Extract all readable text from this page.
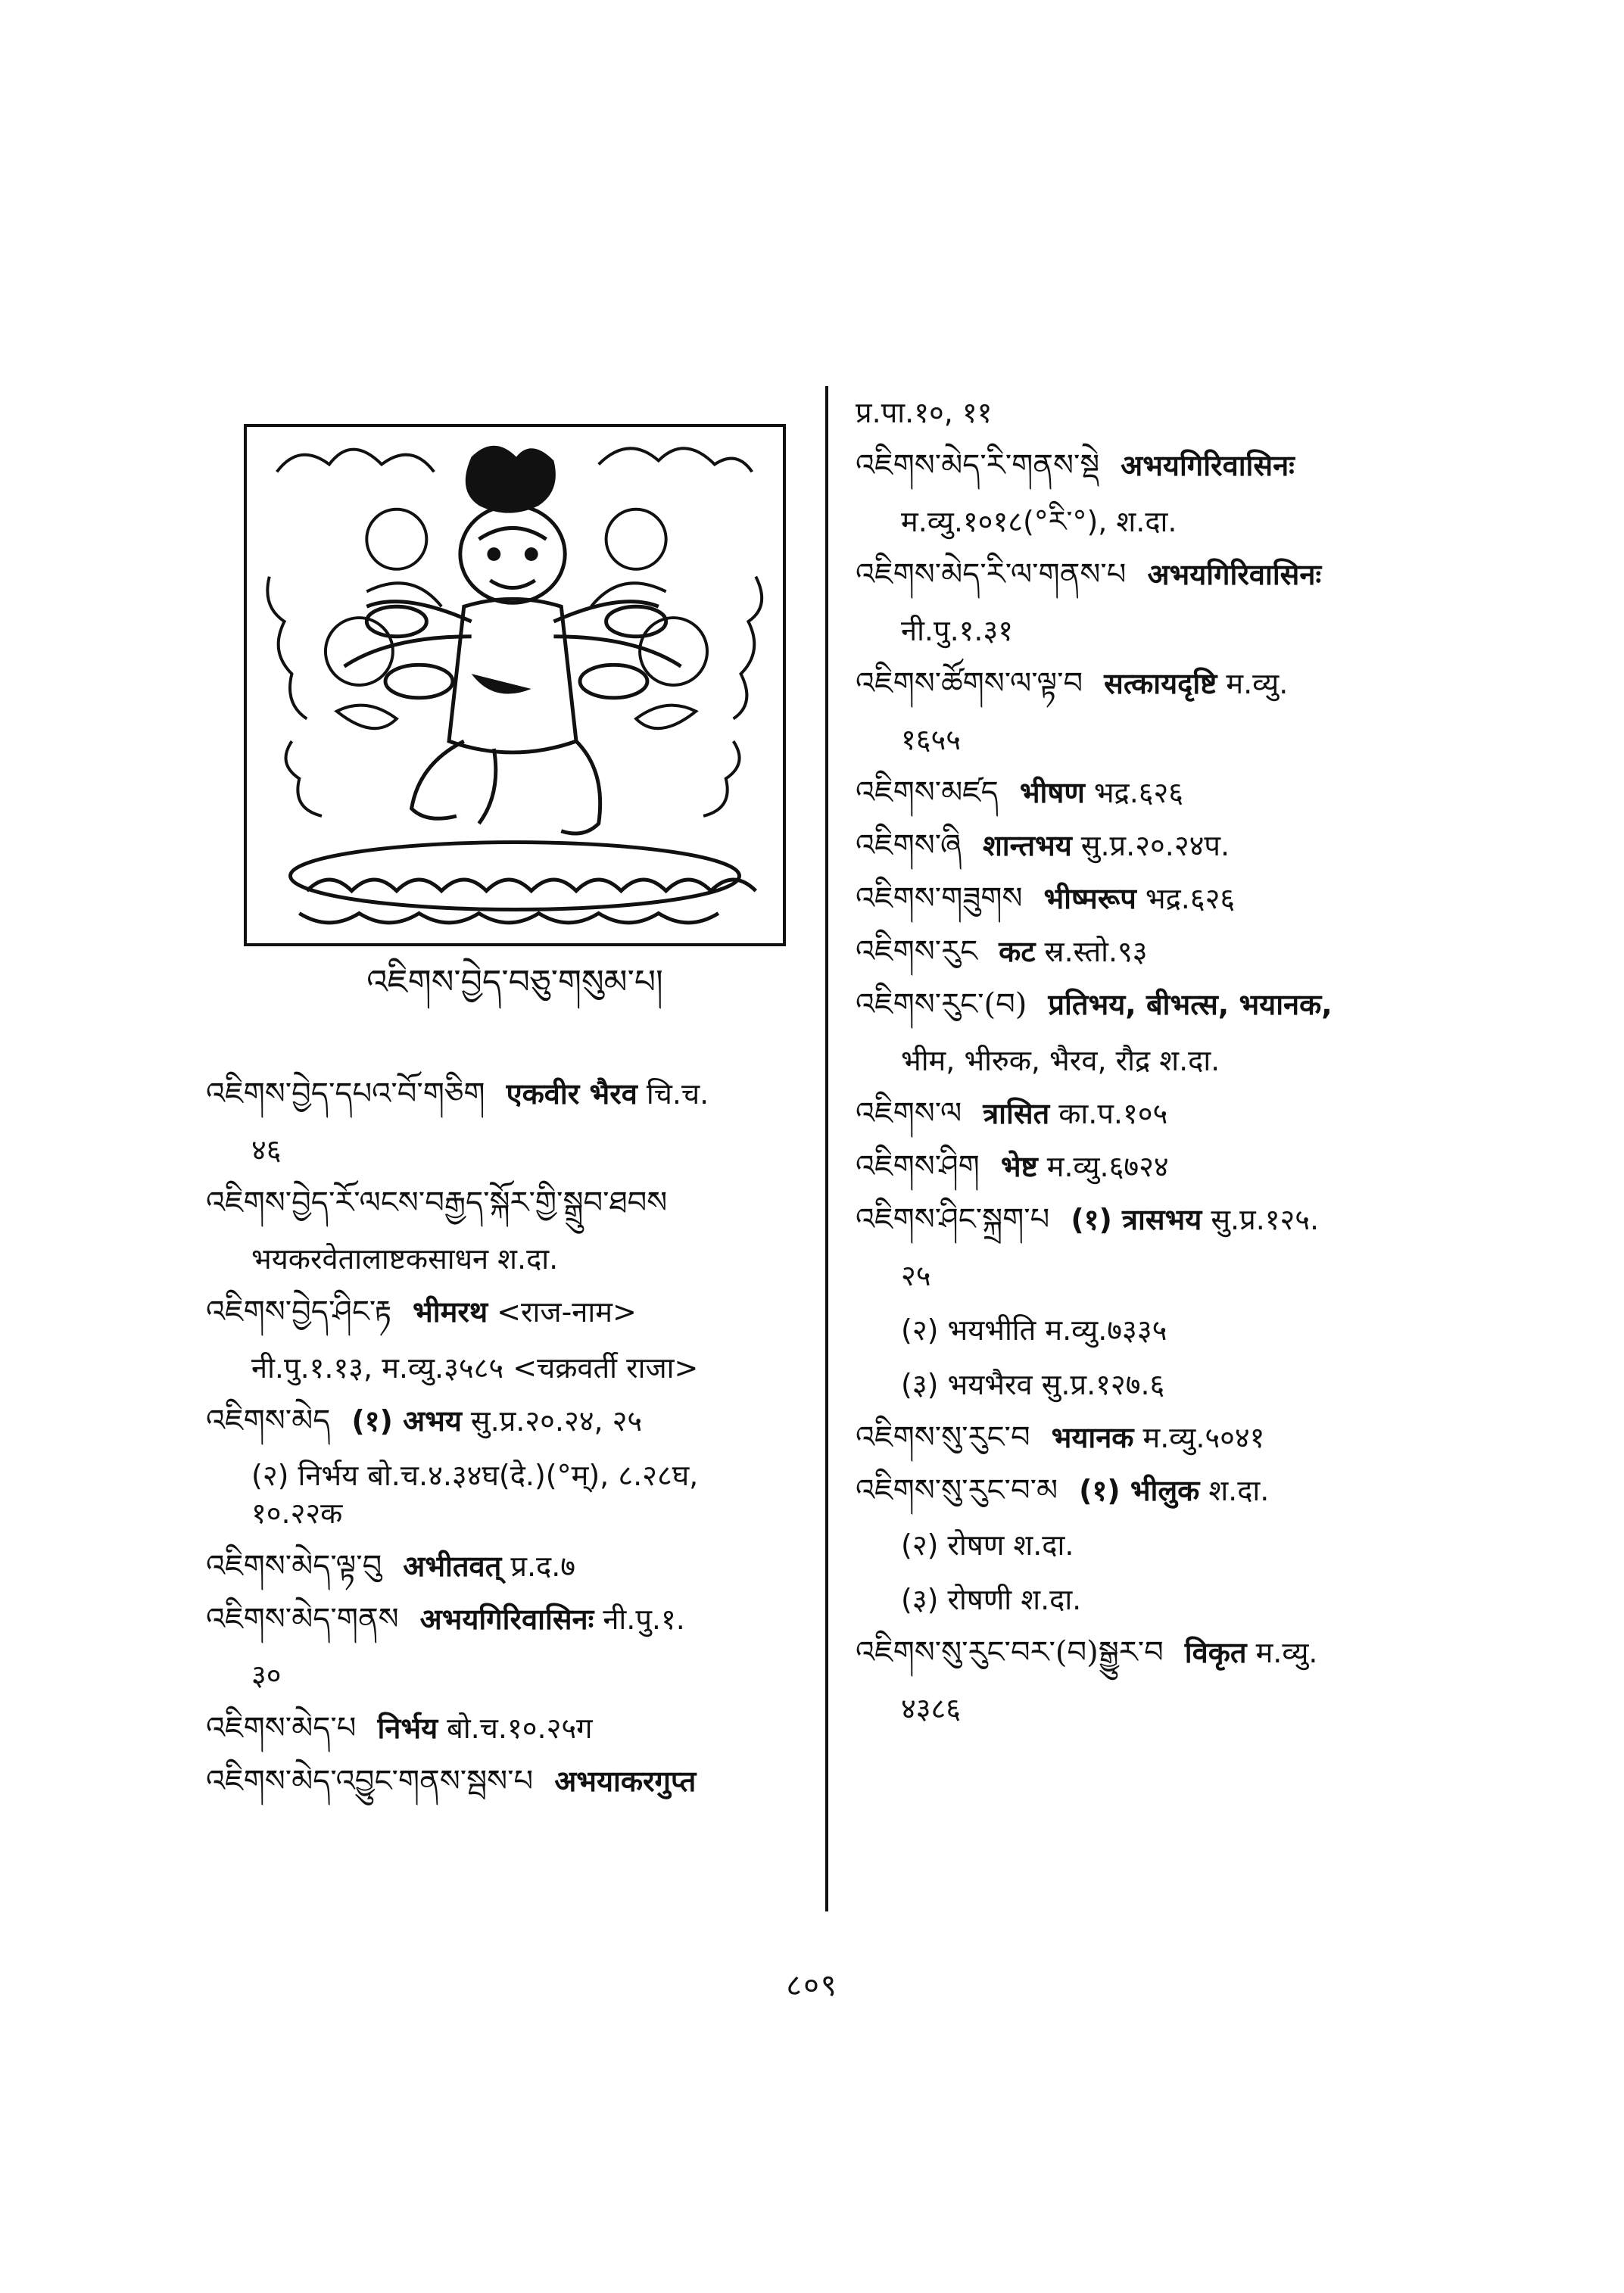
འཇིགས་བྱེད་བཅུ་གསུམ་པ།
འཇིགས་བྱེད་དཔའ་བོ་གཅིག एकवीर भैरव चि.च.
४६
འཇིགས་བྱེད་རོ་ལངས་བརྒྱད་སྐོར་གྱི་སྒྲུབ་ཐབས
भयकरवेतालाष्टकसाधन श.दा.
འཇིགས་བྱེད་ཤིང་རྟ भीमरथ <राज-नाम>
नी.पु.१.१३, म.व्यु.३५८५ <चक्रवर्ती राजा>
འཇིགས་མེད (१) अभय सु.प्र.२०.२४, २५
(२) निर्भय बो.च.४.३४घ(दे.)(°म्), ८.२८घ, १०.२२क
འཇིགས་མེད་ལྟ་བུ अभीतवत् प्र.द.७
འཇིགས་མེད་གནས अभयगिरिवासिनः नी.पु.१.
३०
འཇིགས་མེད་པ निर्भय बो.च.१०.२५ग
འཇིགས་མེད་འབྱུང་གནས་སྦས་པ अभयाकरगुप्त
प्र.पा.१०, ११
འཇིགས་མེད་རི་གནས་སྡེ अभयगिरिवासिनः
म.व्यु.१०१८(°རི་°), श.दा.
འཇིགས་མེད་རི་ལ་གནས་པ अभयगिरिवासिनः
नी.पु.१.३१
འཇིགས་ཚོགས་ལ་ལྟ་བ सत्कायदृष्टि म.व्यु.
१६५५
འཇིགས་མཛད भीषण भद्र.६२६
འཇིགས་ཞི शान्तभय सु.प्र.२०.२४प.
འཇིགས་གཟུགས भीष्मरूप भद्र.६२६
འཇིགས་རུང कट स्र.स्तो.९३
འཇིགས་རུང་(བ) प्रतिभय, बीभत्स, भयानक,
भीम, भीरुक, भैरव, रौद्र श.दा.
འཇིགས་ལ त्रासित का.प.१०५
འཇིགས་ཤིག भेष्ट म.व्यु.६७२४
འཇིགས་ཤིང་སྐྲག་པ (१) त्रासभय सु.प्र.१२५.
२५
(२) भयभीति म.व्यु.७३३५
(३) भयभैरव सु.प्र.१२७.६
འཇིགས་སུ་རུང་བ भयानक म.व्यु.५०४१
འཇིགས་སུ་རུང་བ་མ (१) भीलुक श.दा.
(२) रोषण श.दा.
(३) रोषणी श.दा.
འཇིགས་སུ་རུང་བར་(བ)སྒྱུར་བ विकृत म.व्यु.
४३८६
८०९
